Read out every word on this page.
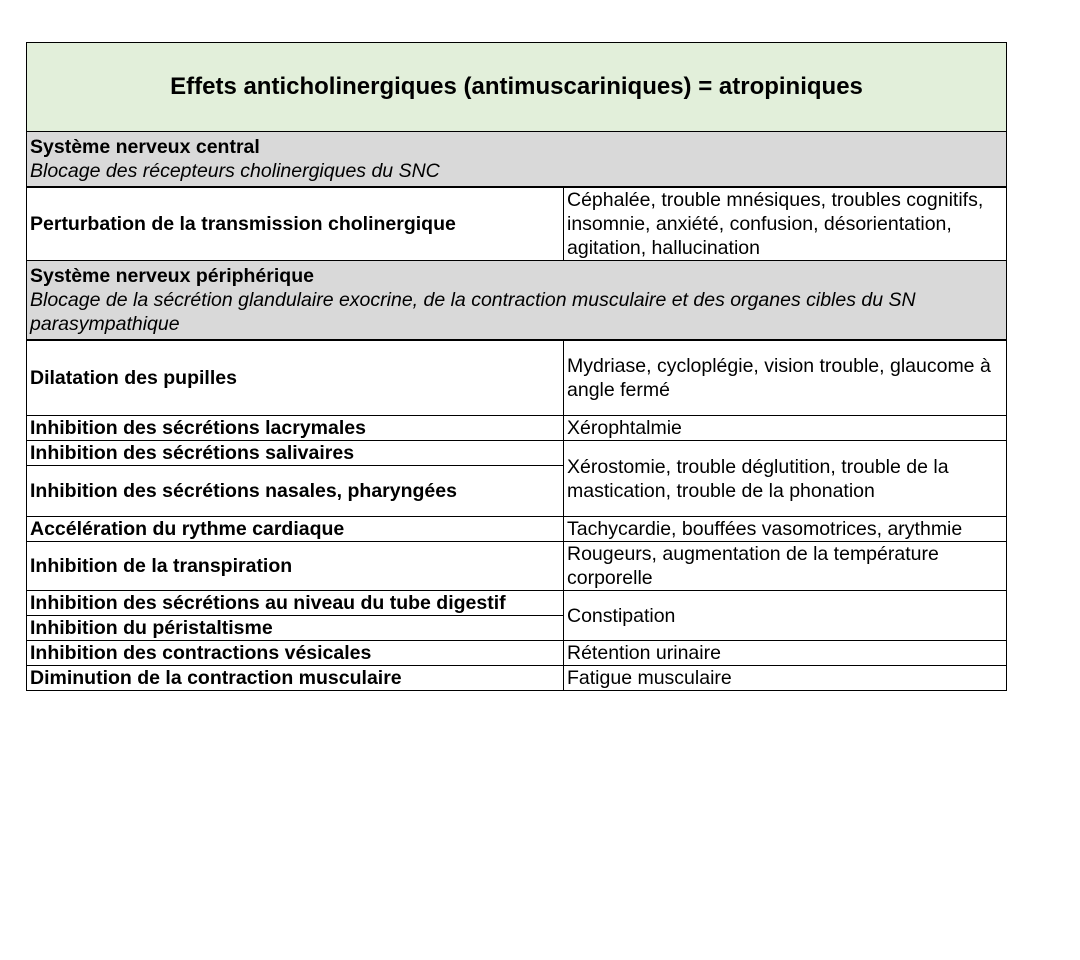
Effets anticholinergiques (antimuscariniques) = atropiniques	

Système nerveux central
Blocage des récepteurs cholinergiques du SNC	

Perturbation de la transmission cholinergique	Céphalée, trouble mnésiques, troubles cognitifs, insomnie, anxiété, confusion, désorientation, agitation, hallucination

Système nerveux périphérique
Blocage de la sécrétion glandulaire exocrine, de la contraction musculaire et des organes cibles du SN parasympathique	

Dilatation des pupilles	Mydriase, cycloplégie, vision trouble, glaucome à angle fermé
Inhibition des sécrétions lacrymales	Xérophtalmie
Inhibition des sécrétions salivaires	Xérostomie, trouble déglutition, trouble de la mastication, trouble de la phonation
Inhibition des sécrétions nasales, pharyngées	
Accélération du rythme cardiaque	Tachycardie, bouffées vasomotrices, arythmie
Inhibition de la transpiration	Rougeurs, augmentation de la température corporelle
Inhibition des sécrétions au niveau du tube digestif	Constipation
Inhibition du péristaltisme	
Inhibition des contractions vésicales	Rétention urinaire
Diminution de la contraction musculaire	Fatigue musculaire
